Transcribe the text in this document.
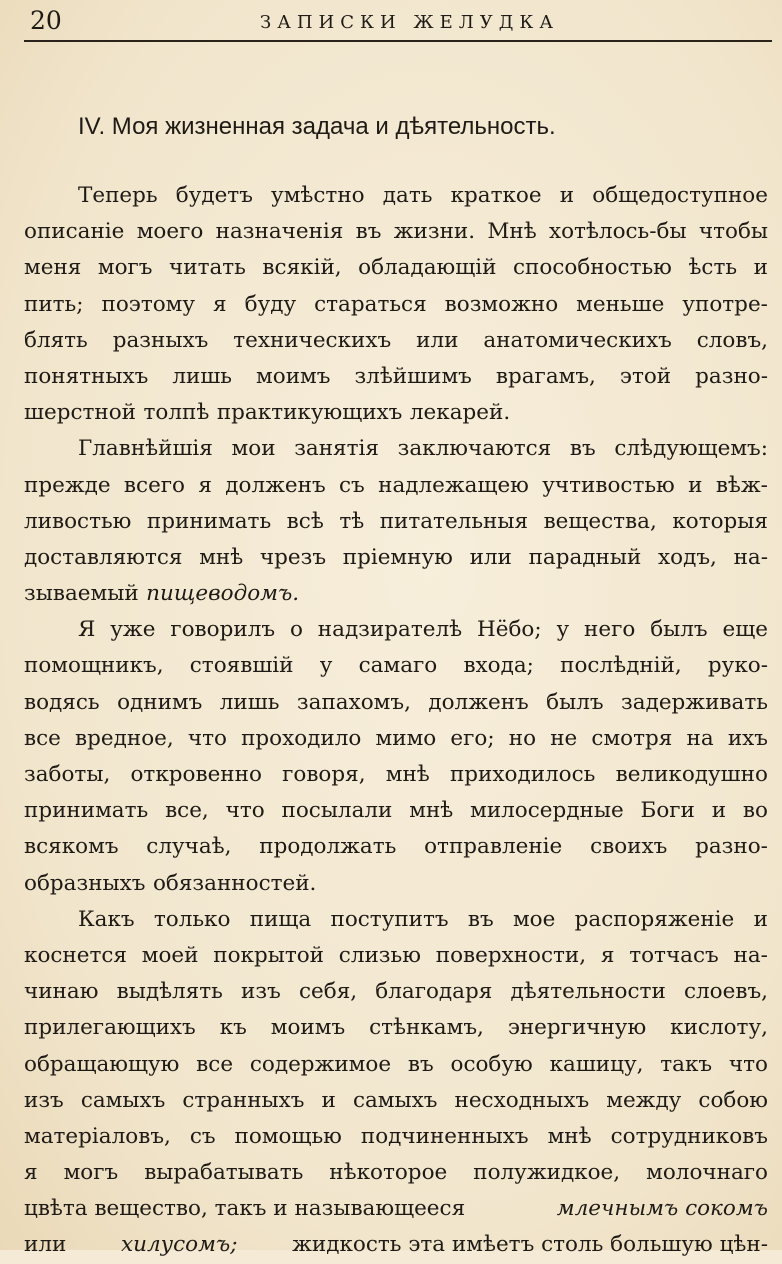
20	ЗАПИСКИ ЖЕЛУДКА
IV. Моя жизненная задача и дѣятельность.
Теперь будетъ умѣстно дать краткое и общедоступное
описаніе моего назначенія въ жизни. Мнѣ хотѣлось-бы чтобы
меня могъ читать всякій, обладающій способностью ѣсть и
пить; поэтому я буду стараться возможно меньше употре-
блять разныхъ техническихъ или анатомическихъ словъ,
понятныхъ лишь моимъ злѣйшимъ врагамъ, этой разно-
шерстной толпѣ практикующихъ лекарей.
Главнѣйшія мои занятія заключаются въ слѣдующемъ:
прежде всего я долженъ съ надлежащею учтивостью и вѣж-
ливостью принимать всѣ тѣ питательныя вещества, которыя
доставляются мнѣ чрезъ пріемную или парадный ходъ, на-
зываемый пищеводомъ.
Я уже говорилъ о надзирателѣ Нёбо; у него былъ еще
помощникъ, стоявшій у самаго входа; послѣдній, руко-
водясь однимъ лишь запахомъ, долженъ былъ задерживать
все вредное, что проходило мимо его; но не смотря на ихъ
заботы, откровенно говоря, мнѣ приходилось великодушно
принимать все, что посылали мнѣ милосердные Боги и во
всякомъ случаѣ, продолжать отправленіе своихъ разно-
образныхъ обязанностей.
Какъ только пища поступитъ въ мое распоряженіе и
коснется моей покрытой слизью поверхности, я тотчасъ на-
чинаю выдѣлять изъ себя, благодаря дѣятельности слоевъ,
прилегающихъ къ моимъ стѣнкамъ, энергичную кислоту,
обращающую все содержимое въ особую кашицу, такъ что
изъ самыхъ странныхъ и самыхъ несходныхъ между собою
матеріаловъ, съ помощью подчиненныхъ мнѣ сотрудниковъ
я могъ вырабатывать нѣкоторое полужидкое, молочнаго
цвѣта вещество, такъ и называющееся	млечнымъ сокомъ
или	хилусомъ;	жидкость эта имѣетъ столь большую цѣн-
